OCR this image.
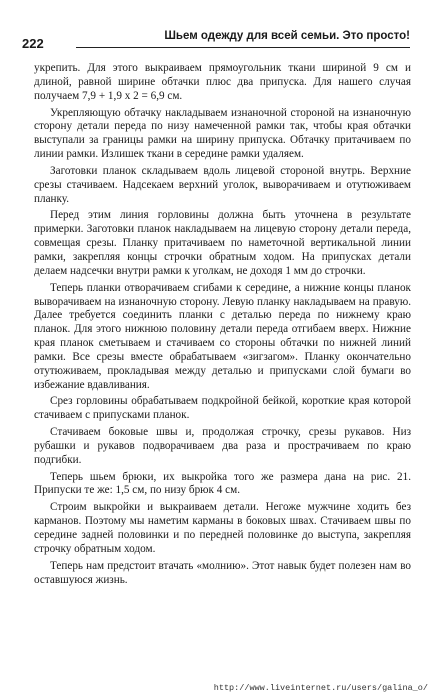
222	Шьем одежду для всей семьи. Это просто!

укрепить. Для этого выкраиваем прямоугольник ткани шириной 9 см и длиной, равной ширине обтачки плюс два припуска. Для нашего случая получаем 7,9 + 1,9 x 2 = 6,9 см.

Укрепляющую обтачку накладываем изнаночной стороной на изнаночную сторону детали переда по низу намеченной рамки так, чтобы края обтачки выступали за границы рамки на ширину припуска. Обтачку притачиваем по линии рамки. Излишек ткани в середине рамки удаляем.

Заготовки планок складываем вдоль лицевой стороной внутрь. Верхние срезы стачиваем. Надсекаем верхний уголок, выворачиваем и отутюживаем планку.

Перед этим линия горловины должна быть уточнена в результате примерки. Заготовки планок накладываем на лицевую сторону детали переда, совмещая срезы. Планку притачиваем по наметочной вертикальной линии рамки, закрепляя концы строчки обратным ходом. На припусках детали делаем надсечки внутри рамки к уголкам, не доходя 1 мм до строчки.

Теперь планки отворачиваем сгибами к середине, а нижние концы планок выворачиваем на изнаночную сторону. Левую планку накладываем на правую. Далее требуется соединить планки с деталью переда по нижнему краю планок. Для этого нижнюю половину детали переда отгибаем вверх. Нижние края планок сметываем и стачиваем со стороны обтачки по нижней линий рамки. Все срезы вместе обрабатываем «зигзагом». Планку окончательно отутюживаем, прокладывая между деталью и припусками слой бумаги во избежание вдавливания.

Срез горловины обрабатываем подкройной бейкой, короткие края которой стачиваем с припусками планок.

Стачиваем боковые швы и, продолжая строчку, срезы рукавов. Низ рубашки и рукавов подворачиваем два раза и прострачиваем по краю подгибки.

Теперь шьем брюки, их выкройка того же размера дана на рис. 21. Припуски те же: 1,5 см, по низу брюк 4 см.

Строим выкройки и выкраиваем детали. Негоже мужчине ходить без карманов. Поэтому мы наметим карманы в боковых швах. Стачиваем швы по середине задней половинки и по передней половинке до выступа, закрепляя строчку обратным ходом.

Теперь нам предстоит втачать «молнию». Этот навык будет полезен нам во оставшуюся жизнь.

http://www.liveinternet.ru/users/galina_o/
